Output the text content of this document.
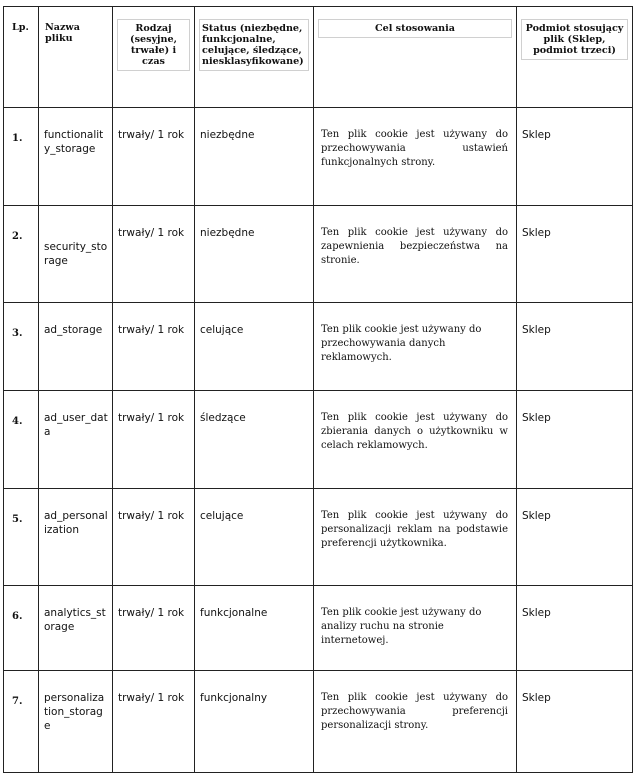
Lp.	Nazwa pliku	Rodzaj (sesyjne, trwałe) i czas	Status (niezbędne, funkcjonalne, celujące, śledzące, niesklasyfikowane)	Cel stosowania	Podmiot stosujący plik (Sklep, podmiot trzeci)

1.	functionality_storage	trwały/ 1 rok	niezbędne	Ten plik cookie jest używany do przechowywania ustawień funkcjonalnych strony.	Sklep
2.	security_storage	trwały/ 1 rok	niezbędne	Ten plik cookie jest używany do zapewnienia bezpieczeństwa na stronie.	Sklep
3.	ad_storage	trwały/ 1 rok	celujące	Ten plik cookie jest używany do przechowywania danych reklamowych.	Sklep
4.	ad_user_data	trwały/ 1 rok	śledzące	Ten plik cookie jest używany do zbierania danych o użytkowniku w celach reklamowych.	Sklep
5.	ad_personalization	trwały/ 1 rok	celujące	Ten plik cookie jest używany do personalizacji reklam na podstawie preferencji użytkownika.	Sklep
6.	analytics_storage	trwały/ 1 rok	funkcjonalne	Ten plik cookie jest używany do analizy ruchu na stronie internetowej.	Sklep
7.	personalization_storage	trwały/ 1 rok	funkcjonalny	Ten plik cookie jest używany do przechowywania preferencji personalizacji strony.	Sklep
